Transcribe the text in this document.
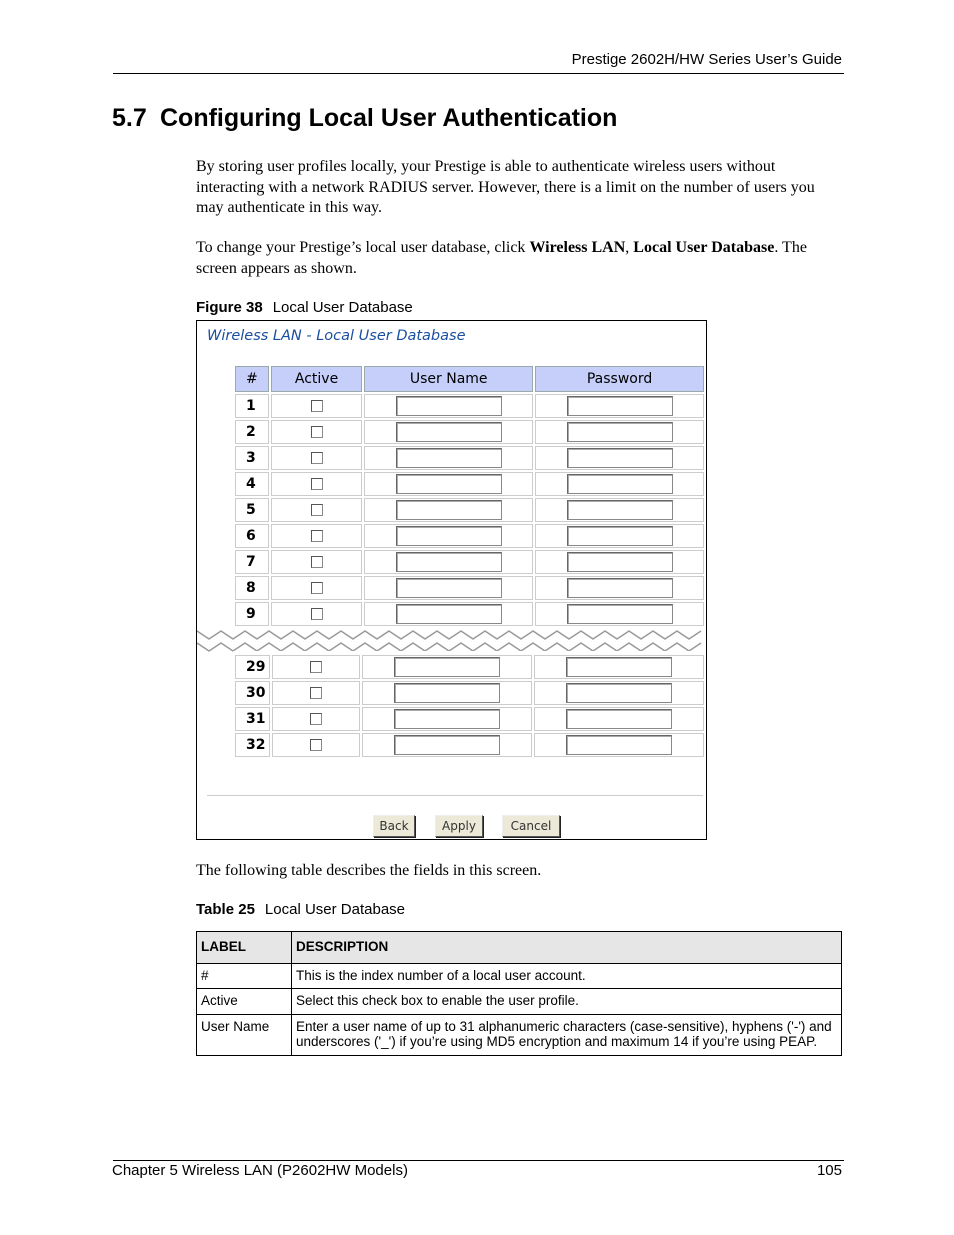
Prestige 2602H/HW Series User’s Guide
5.7 Configuring Local User Authentication

By storing user profiles locally, your Prestige is able to authenticate wireless users without interacting with a network RADIUS server. However, there is a limit on the number of users you may authenticate in this way.

To change your Prestige’s local user database, click Wireless LAN, Local User Database. The screen appears as shown.

Figure 38 Local User Database

Wireless LAN - Local User Database
#	Active	User Name	Password
1			
2			
3			
4			
5			
6			
7			
8			
9			
29			
30			
31			
32			
Back	Apply	Cancel

The following table describes the fields in this screen.

Table 25 Local User Database

LABEL	DESCRIPTION
#	This is the index number of a local user account.
Active	Select this check box to enable the user profile.
User Name	Enter a user name of up to 31 alphanumeric characters (case-sensitive), hyphens ('-') and underscores ('_') if you’re using MD5 encryption and maximum 14 if you’re using PEAP.
Chapter 5 Wireless LAN (P2602HW Models)	105
